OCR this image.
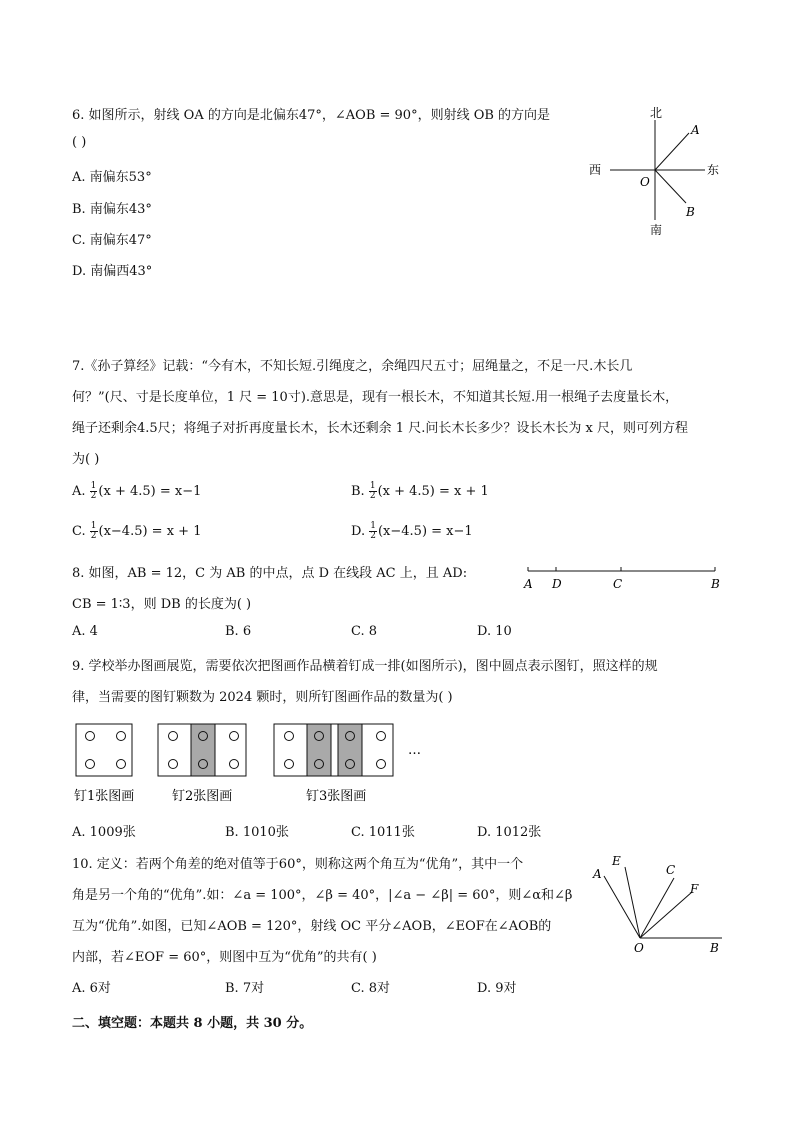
6. 如图所示，射线 OA 的方向是北偏东47°，∠AOB = 90°，则射线 OB 的方向是
( )
A. 南偏东53°
B. 南偏东43°
C. 南偏东47°
D. 南偏西43°
北
南
东
西
O
A
B
7.《孙子算经》记载：“今有木，不知长短.引绳度之，余绳四尺五寸；屈绳量之，不足一尺.木长几
何？”(尺、寸是长度单位，1 尺 = 10寸).意思是，现有一根长木，不知道其长短.用一根绳子去度量长木，
绳子还剩余4.5尺；将绳子对折再度量长木，长木还剩余 1 尺.问长木长多少？设长木长为 x 尺，则可列方程
为( )
A. $\frac{1}{2} (x + 4.5) = x-1$	B. $\frac{1}{2} (x + 4.5) = x + 1$
C. $\frac{1}{2} (x-4.5) = x + 1$	D. $\frac{1}{2} (x-4.5) = x-1$
8. 如图，AB = 12，C 为 AB 的中点，点 D 在线段 AC 上，且 AD:
CB = 1∶3，则 DB 的长度为( )
A D	C	B
A. 4	B. 6	C. 8	D. 10
9. 学校举办图画展览，需要依次把图画作品横着钉成一排(如图所示)，图中圆点表示图钉，照这样的规
律，当需要的图钉颗数为 2024 颗时，则所钉图画作品的数量为( )
…
钉1张图画	钉2张图画	钉3张图画
A. 1009张	B. 1010张	C. 1011张	D. 1012张
10. 定义：若两个角差的绝对值等于60°，则称这两个角互为“优角”，其中一个
角是另一个角的“优角”.如：∠a = 100°，∠β = 40°，|∠a − ∠β| = 60°，则∠α和∠β
互为“优角”.如图，已知∠AOB = 120°，射线 OC 平分∠AOB，∠EOF在∠AOB的
内部，若∠EOF = 60°，则图中互为“优角”的共有( )
A
E
C
F
O	B
A. 6对	B. 7对	C. 8对	D. 9对
二、填空题：本题共 8 小题，共 30 分。
